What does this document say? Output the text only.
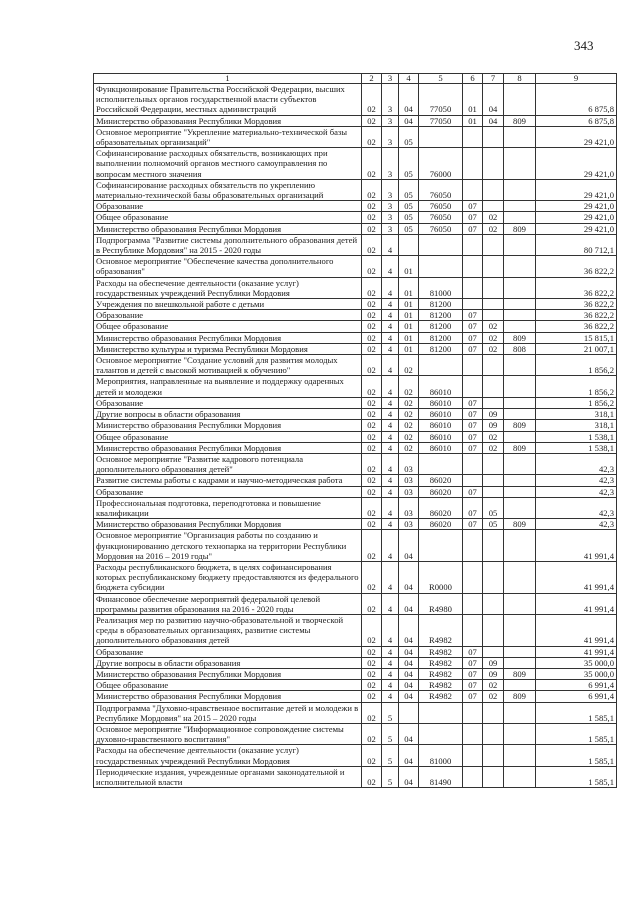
343
1	2	3	4	5	6	7	8	9
Функционирование Правительства Российской Федерации, высших исполнительных органов государственной власти субъектов Российской Федерации, местных администраций	02	3	04	77050	01	04		6 875,8
Министерство образования Республики Мордовия	02	3	04	77050	01	04	809	6 875,8
Основное мероприятие "Укрепление материально-технической базы образовательных организаций"	02	3	05					29 421,0
Софинансирование расходных обязательств, возникающих при выполнении полномочий органов местного самоуправления по вопросам местного значения	02	3	05	76000				29 421,0
Софинансирование расходных обязательств по укреплению материально-технической базы образовательных организаций	02	3	05	76050				29 421,0
Образование	02	3	05	76050	07			29 421,0
Общее образование	02	3	05	76050	07	02		29 421,0
Министерство образования Республики Мордовия	02	3	05	76050	07	02	809	29 421,0
Подпрограмма "Развитие системы дополнительного образования детей в Республике Мордовия" на 2015 - 2020 годы	02	4						80 712,1
Основное мероприятие "Обеспечение качества дополнительного образования"	02	4	01					36 822,2
Расходы на обеспечение деятельности (оказание услуг) государственных учреждений Республики Мордовия	02	4	01	81000				36 822,2
Учреждения по внешкольной работе с детьми	02	4	01	81200				36 822,2
Образование	02	4	01	81200	07			36 822,2
Общее образование	02	4	01	81200	07	02		36 822,2
Министерство образования Республики Мордовия	02	4	01	81200	07	02	809	15 815,1
Министерство культуры и туризма Республики Мордовия	02	4	01	81200	07	02	808	21 007,1
Основное мероприятие "Создание условий для развития молодых талантов и детей с высокой мотивацией к обучению"	02	4	02					1 856,2
Мероприятия, направленные на выявление и поддержку одаренных детей и молодежи	02	4	02	86010				1 856,2
Образование	02	4	02	86010	07			1 856,2
Другие вопросы в области образования	02	4	02	86010	07	09		318,1
Министерство образования Республики Мордовия	02	4	02	86010	07	09	809	318,1
Общее образование	02	4	02	86010	07	02		1 538,1
Министерство образования Республики Мордовия	02	4	02	86010	07	02	809	1 538,1
Основное мероприятие "Развитие кадрового потенциала дополнительного образования детей"	02	4	03					42,3
Развитие системы работы с кадрами и научно-методическая работа	02	4	03	86020				42,3
Образование	02	4	03	86020	07			42,3
Профессиональная подготовка, переподготовка и повышение квалификации	02	4	03	86020	07	05		42,3
Министерство образования Республики Мордовия	02	4	03	86020	07	05	809	42,3
Основное мероприятие "Организация работы по созданию и функционированию детского технопарка на территории Республики Мордовия на 2016 – 2019 годы"	02	4	04					41 991,4
Расходы республиканского бюджета, в целях софинансирования которых республиканскому бюджету предоставляются из федерального бюджета субсидии	02	4	04	R0000				41 991,4
Финансовое обеспечение мероприятий федеральной целевой программы развития образования на 2016 - 2020 годы	02	4	04	R4980				41 991,4
Реализация мер по развитию научно-образовательной и творческой среды в образовательных организациях, развитие системы дополнительного образования детей	02	4	04	R4982				41 991,4
Образование	02	4	04	R4982	07			41 991,4
Другие вопросы в области образования	02	4	04	R4982	07	09		35 000,0
Министерство образования Республики Мордовия	02	4	04	R4982	07	09	809	35 000,0
Общее образование	02	4	04	R4982	07	02		6 991,4
Министерство образования Республики Мордовия	02	4	04	R4982	07	02	809	6 991,4
Подпрограмма "Духовно-нравственное воспитание детей и молодежи в Республике Мордовия" на 2015 – 2020 годы	02	5						1 585,1
Основное мероприятие "Информационное сопровождение системы духовно-нравственного воспитания"	02	5	04					1 585,1
Расходы на обеспечение деятельности (оказание услуг) государственных учреждений Республики Мордовия	02	5	04	81000				1 585,1
Периодические издания, учрежденные органами законодательной и исполнительной власти	02	5	04	81490				1 585,1
